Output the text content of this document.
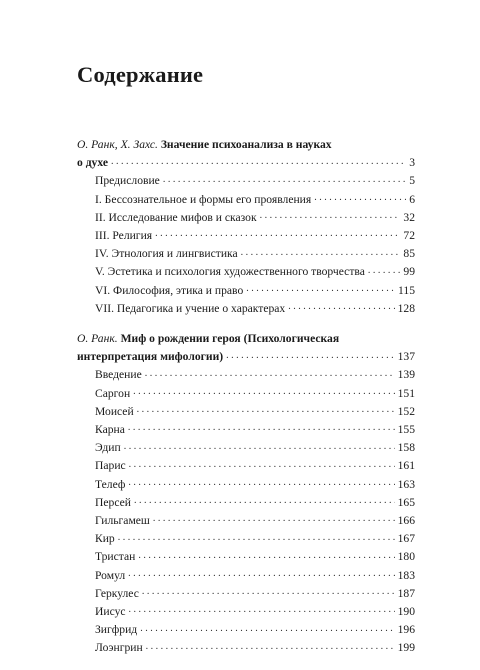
Содержание
О. Ранк, Х. Захс. Значение психоанализа в науках
о духе . . .	3
Предисловие . . .	5
I. Бессознательное и формы его проявления . . .	6
II. Исследование мифов и сказок . . .	32
III. Религия . . .	72
IV. Этнология и лингвистика . . .	85
V. Эстетика и психология художественного творчества . . .	99
VI. Философия, этика и право . . .	115
VII. Педагогика и учение о характерах . . .	128
О. Ранк. Миф о рождении героя (Психологическая
интерпретация мифологии) . . .	137
Введение . . .	139
Саргон . . .	151
Моисей . . .	152
Карна . . .	155
Эдип . . .	158
Парис . . .	161
Телеф . . .	163
Персей . . .	165
Гильгамеш . . .	166
Кир . . .	167
Тристан . . .	180
Ромул . . .	183
Геркулес . . .	187
Иисус . . .	190
Зигфрид . . .	196
Лоэнгрин . . .	199
